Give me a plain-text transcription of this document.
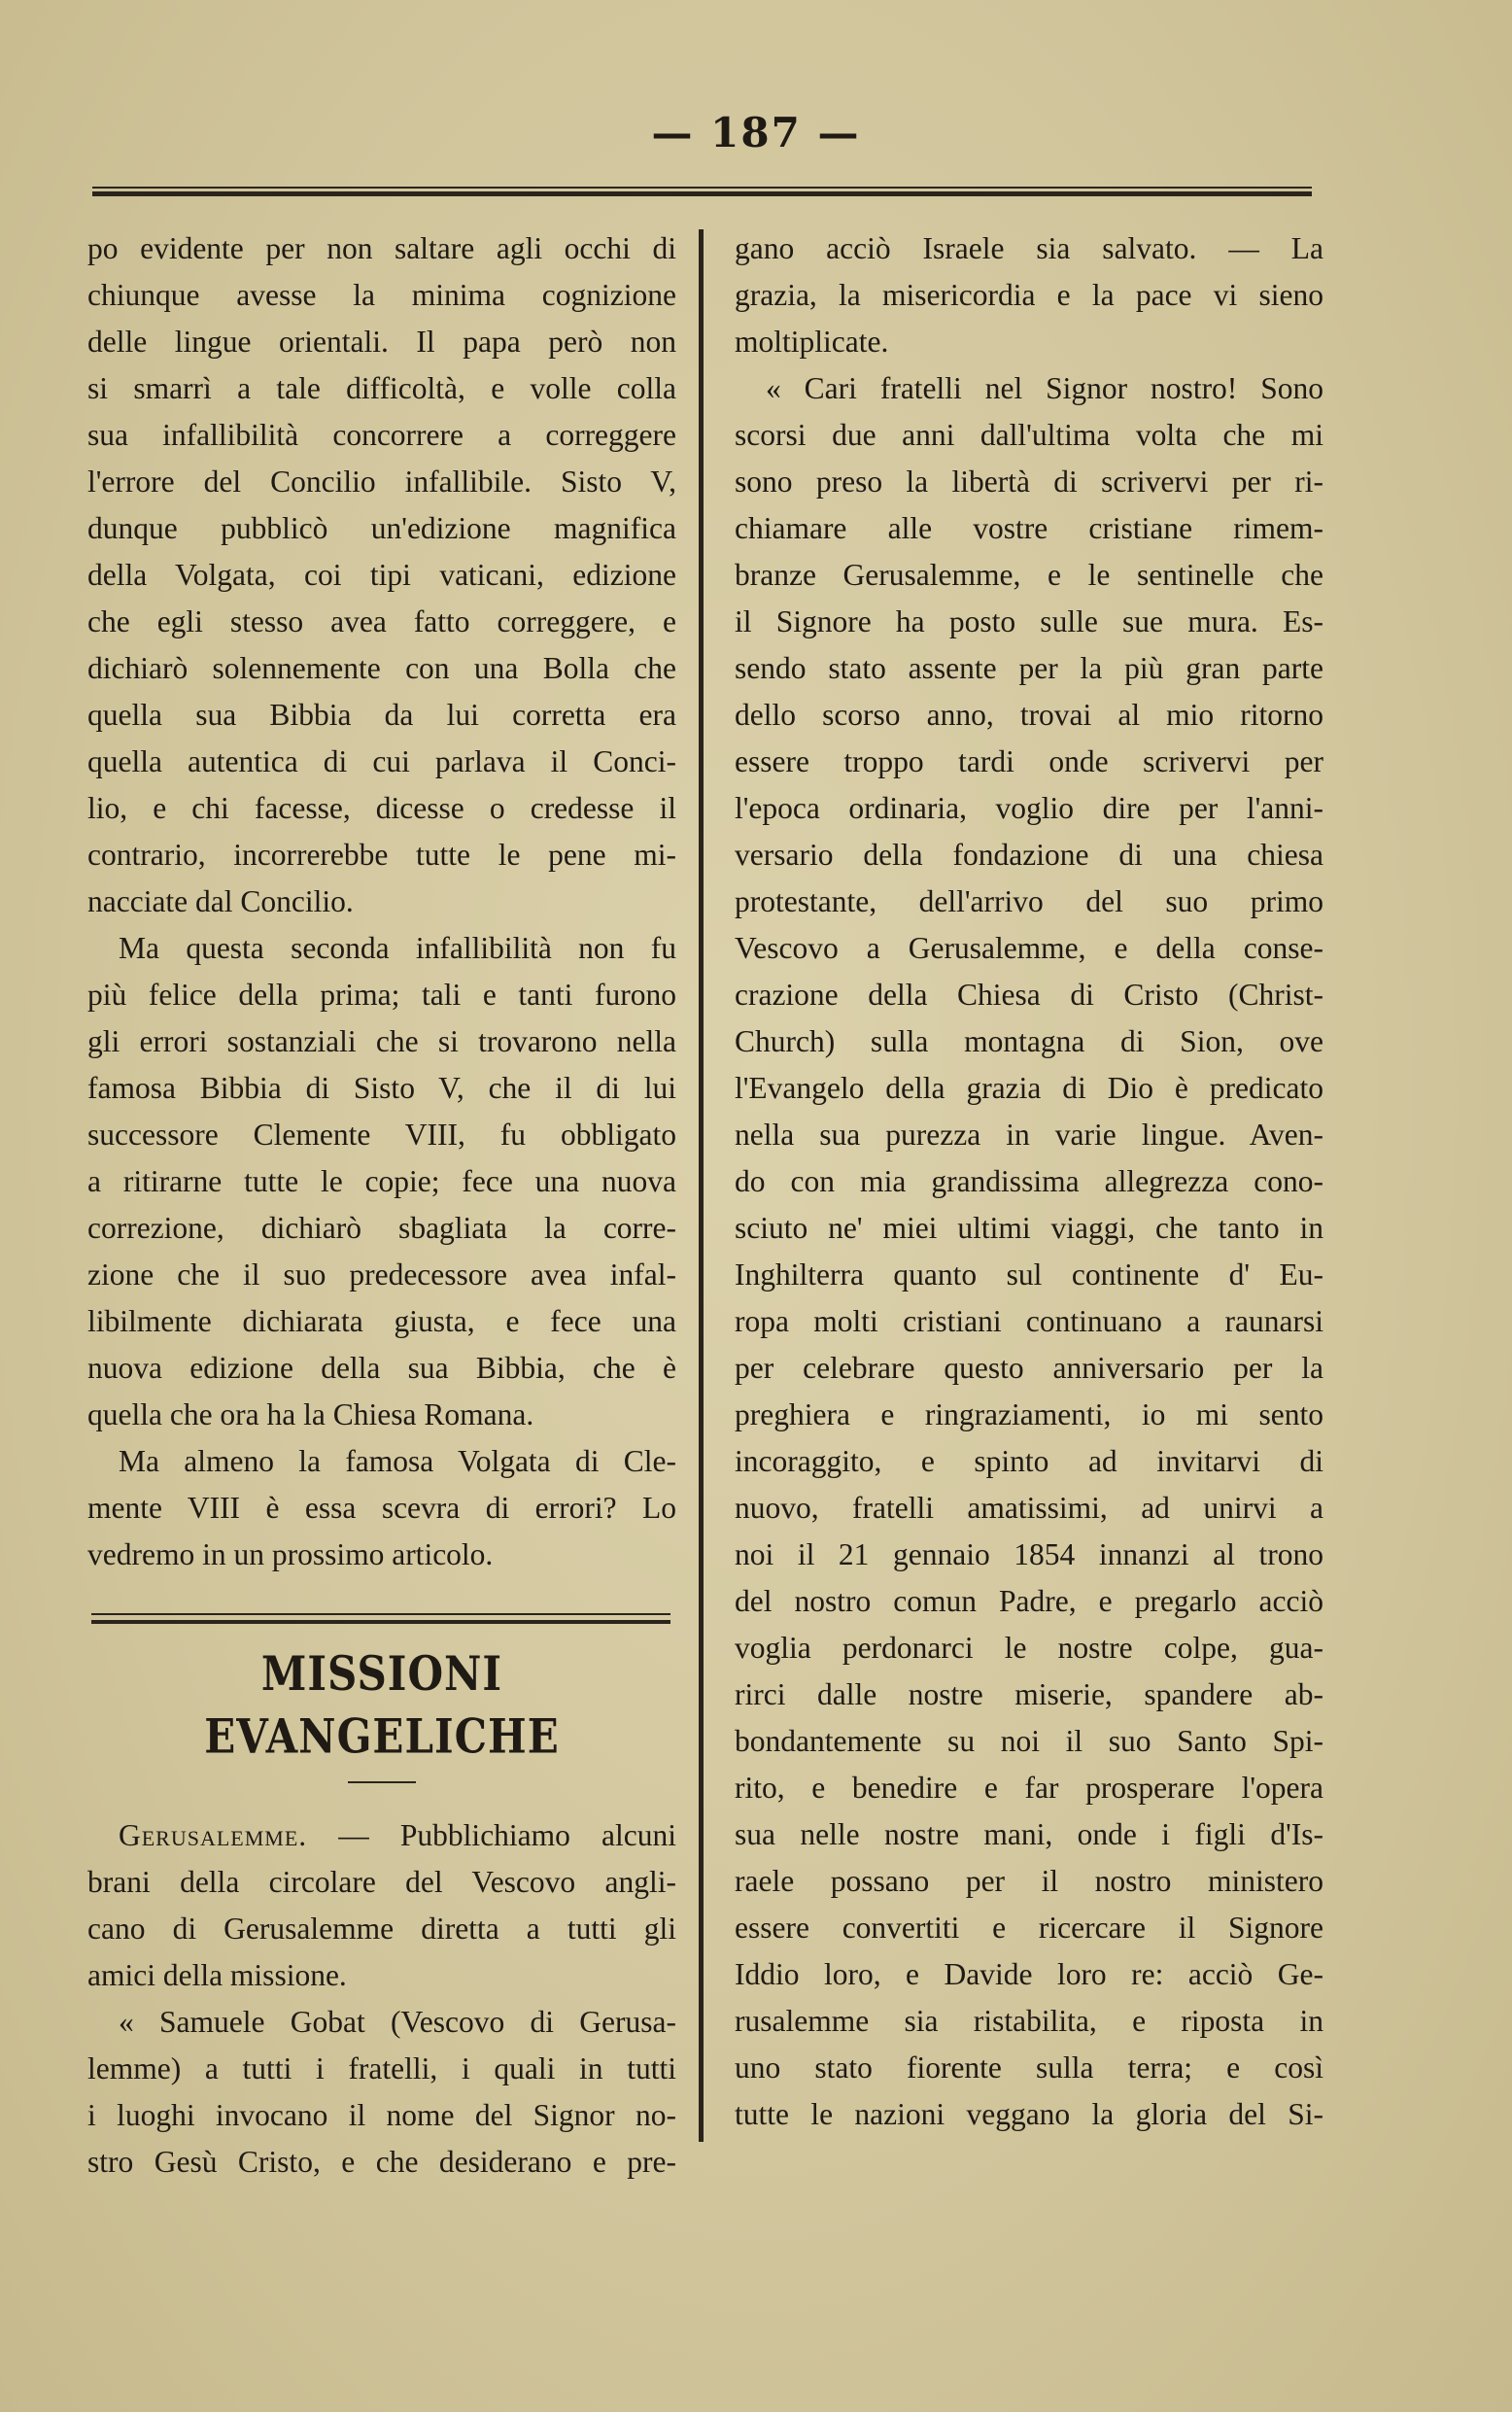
— 187 —
po evidente per non saltare agli occhi di
chiunque avesse la minima cognizione
delle lingue orientali. Il papa però non
si smarrì a tale difficoltà, e volle colla
sua infallibilità concorrere a correggere
l'errore del Concilio infallibile. Sisto V,
dunque pubblicò un'edizione magnifica
della Volgata, coi tipi vaticani, edizione
che egli stesso avea fatto correggere, e
dichiarò solennemente con una Bolla che
quella sua Bibbia da lui corretta era
quella autentica di cui parlava il Conci-
lio, e chi facesse, dicesse o credesse il
contrario, incorrerebbe tutte le pene mi-
nacciate dal Concilio.
Ma questa seconda infallibilità non fu
più felice della prima; tali e tanti furono
gli errori sostanziali che si trovarono nella
famosa Bibbia di Sisto V, che il di lui
successore Clemente VIII, fu obbligato
a ritirarne tutte le copie; fece una nuova
correzione, dichiarò sbagliata la corre-
zione che il suo predecessore avea infal-
libilmente dichiarata giusta, e fece una
nuova edizione della sua Bibbia, che è
quella che ora ha la Chiesa Romana.
Ma almeno la famosa Volgata di Cle-
mente VIII è essa scevra di errori? Lo
vedremo in un prossimo articolo.
MISSIONI EVANGELICHE
Gerusalemme. — Pubblichiamo alcuni
brani della circolare del Vescovo angli-
cano di Gerusalemme diretta a tutti gli
amici della missione.
« Samuele Gobat (Vescovo di Gerusa-
lemme) a tutti i fratelli, i quali in tutti
i luoghi invocano il nome del Signor no-
stro Gesù Cristo, e che desiderano e pre-
gano acciò Israele sia salvato. — La
grazia, la misericordia e la pace vi sieno
moltiplicate.
« Cari fratelli nel Signor nostro! Sono
scorsi due anni dall'ultima volta che mi
sono preso la libertà di scrivervi per ri-
chiamare alle vostre cristiane rimem-
branze Gerusalemme, e le sentinelle che
il Signore ha posto sulle sue mura. Es-
sendo stato assente per la più gran parte
dello scorso anno, trovai al mio ritorno
essere troppo tardi onde scrivervi per
l'epoca ordinaria, voglio dire per l'anni-
versario della fondazione di una chiesa
protestante, dell'arrivo del suo primo
Vescovo a Gerusalemme, e della conse-
crazione della Chiesa di Cristo (Christ-
Church) sulla montagna di Sion, ove
l'Evangelo della grazia di Dio è predicato
nella sua purezza in varie lingue. Aven-
do con mia grandissima allegrezza cono-
sciuto ne' miei ultimi viaggi, che tanto in
Inghilterra quanto sul continente d' Eu-
ropa molti cristiani continuano a raunarsi
per celebrare questo anniversario per la
preghiera e ringraziamenti, io mi sento
incoraggito, e spinto ad invitarvi di
nuovo, fratelli amatissimi, ad unirvi a
noi il 21 gennaio 1854 innanzi al trono
del nostro comun Padre, e pregarlo acciò
voglia perdonarci le nostre colpe, gua-
rirci dalle nostre miserie, spandere ab-
bondantemente su noi il suo Santo Spi-
rito, e benedire e far prosperare l'opera
sua nelle nostre mani, onde i figli d'Is-
raele possano per il nostro ministero
essere convertiti e ricercare il Signore
Iddio loro, e Davide loro re: acciò Ge-
rusalemme sia ristabilita, e riposta in
uno stato fiorente sulla terra; e così
tutte le nazioni veggano la gloria del Si-
